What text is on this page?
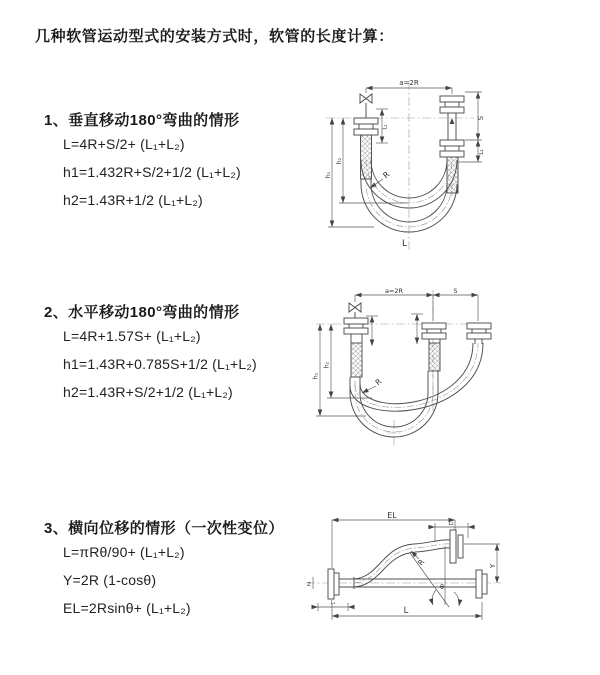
几种软管运动型式的安装方式时，软管的长度计算：
1、垂直移动180°弯曲的情形
L=4R+S/2+ (L₁+L₂)
h1=1.432R+S/2+1/2 (L₁+L₂)
h2=1.43R+1/2 (L₁+L₂)
a=2R
S
L₂
h₁
h₂
L₁
R
L
2、水平移动180°弯曲的情形
L=4R+1.57S+ (L₁+L₂)
h1=1.43R+0.785S+1/2 (L₁+L₂)
h2=1.43R+S/2+1/2 (L₁+L₂)
a=2R	S
h₁
h₂
R
3、横向位移的情形（一次性变位）
L=πRθ/90+ (L₁+L₂)
Y=2R (1-cosθ)
EL=2Rsinθ+ (L₁+L₂)
EL
L₂
Y
R
θ
L
L₁
Z
